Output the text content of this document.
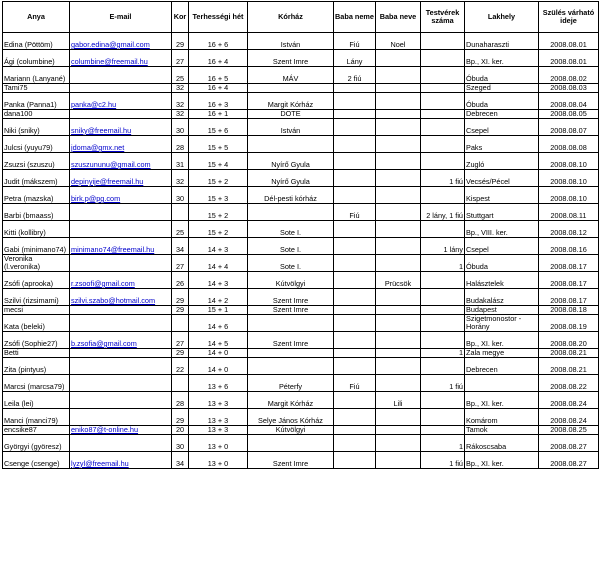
Anya	E-mail	Kor	Terhességi hét	Kórház	Baba neme	Baba neve	Testvérek száma	Lakhely	Szülés várható ideje
Edina (Pöttöm)	gabor.edina@gmail.com	29	16 + 6	István	Fiú	Noel		Dunaharaszti	2008.08.01
Ági (columbine)	columbine@freemail.hu	27	16 + 4	Szent Imre	Lány			Bp., XI. ker.	2008.08.01
Mariann (Lanyané)		25	16 + 5	MÁV	2 fiú			Óbuda	2008.08.02
Tami75		32	16 + 4					Szeged	2008.08.03
Panka (Panna1)	panka@c2.hu	32	16 + 3	Margit Kórház				Óbuda	2008.08.04
dana100		32	16 + 1	DOTE				Debrecen	2008.08.05
Niki (sniky)	sniky@freemail.hu	30	15 + 6	István				Csepel	2008.08.07
Julcsi (yuyu79)	jdoma@gmx.net	28	15 + 5					Paks	2008.08.08
Zsuzsi (szuszu)	szuszununu@gmail.com	31	15 + 4	Nyírő Gyula				Zugló	2008.08.10
Judit (mákszem)	depinyije@freemail.hu	32	15 + 2	Nyírő Gyula			1 fiú	Vecsés/Pécel	2008.08.10
Petra (mazska)	birk.p@pg.com	30	15 + 3	Dél-pesti kórház				Kispest	2008.08.10
Barbi (bmaass)			15 + 2		Fiú		2 lány, 1 fiú	Stuttgart	2008.08.11
Kitti (kollibry)		25	15 + 2	Sote I.				Bp., VIII. ker.	2008.08.12
Gabi (minimano74)	minimano74@freemail.hu	34	14 + 3	Sote I.			1 lány	Csepel	2008.08.16
Veronika (l.veronika)		27	14 + 4	Sote I.			1	Óbuda	2008.08.17
Zsófi (aprooka)	r.zsoofi@gmail.com	26	14 + 3	Kútvölgyi		Prücsök		Halásztelek	2008.08.17
Szilvi (rizsimami)	szilvi.szabo@hotmail.com	29	14 + 2	Szent Imre				Budakalász	2008.08.17
mecsi		29	15 + 1	Szent Imre				Budapest	2008.08.18
Kata (beleki)			14 + 6					Szigetmonostor - Horány	2008.08.19
Zsófi (Sophie27)	b.zsofia@gmail.com	27	14 + 5	Szent Imre				Bp., XI. ker.	2008.08.20
Betti		29	14 + 0				1	Zala megye	2008.08.21
Zita (pintyus)		22	14 + 0					Debrecen	2008.08.21
Marcsi (marcsa79)			13 + 6	Péterfy	Fiú		1 fiú		2008.08.22
Leila (lei)		28	13 + 3	Margit Kórház		Lili		Bp., XI. ker.	2008.08.24
Manci (manci79)		29	13 + 3	Selye János Kórház				Komárom	2008.08.24
encsike87	eniko87@t-online.hu	20	13 + 3	Kútvölgyi				Tamok	2008.08.25
Györgyi (györesz)		30	13 + 0				1	Rákoscsaba	2008.08.27
Csenge (csenge)	lyzyl@freemail.hu	34	13 + 0	Szent Imre			1 fiú	Bp., XI. ker.	2008.08.27
